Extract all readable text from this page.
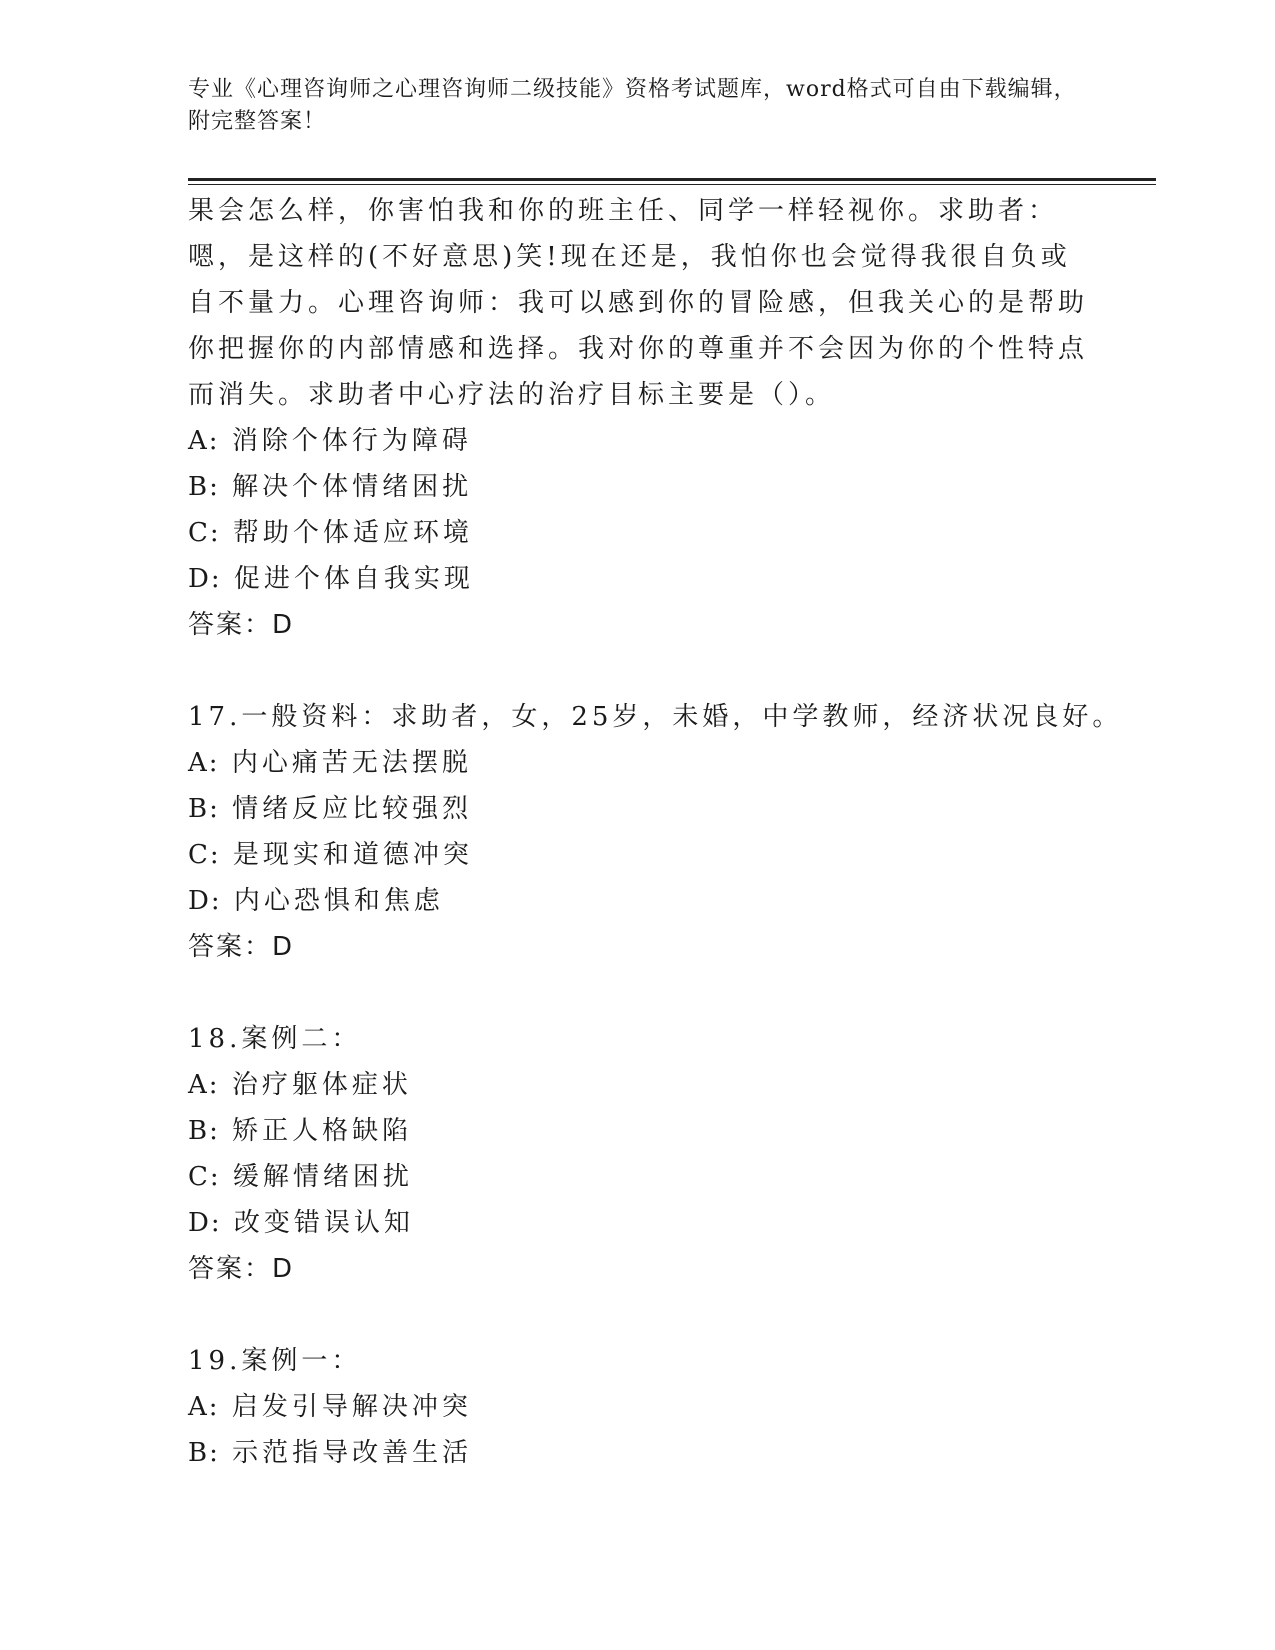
专业《心理咨询师之心理咨询师二级技能》资格考试题库，word格式可自由下载编辑，附完整答案！

果会怎么样，你害怕我和你的班主任、同学一样轻视你。求助者：嗯，是这样的(不好意思)笑!现在还是，我怕你也会觉得我很自负或自不量力。心理咨询师：我可以感到你的冒险感，但我关心的是帮助你把握你的内部情感和选择。我对你的尊重并不会因为你的个性特点而消失。求助者中心疗法的治疗目标主要是（）。

A: 消除个体行为障碍

B: 解决个体情绪困扰

C: 帮助个体适应环境

D: 促进个体自我实现

答案：D

17.一般资料：求助者，女，25岁，未婚，中学教师，经济状况良好。

A: 内心痛苦无法摆脱

B: 情绪反应比较强烈

C: 是现实和道德冲突

D: 内心恐惧和焦虑

答案：D

18.案例二：

A: 治疗躯体症状

B: 矫正人格缺陷

C: 缓解情绪困扰

D: 改变错误认知

答案：D

19.案例一：

A: 启发引导解决冲突

B: 示范指导改善生活
